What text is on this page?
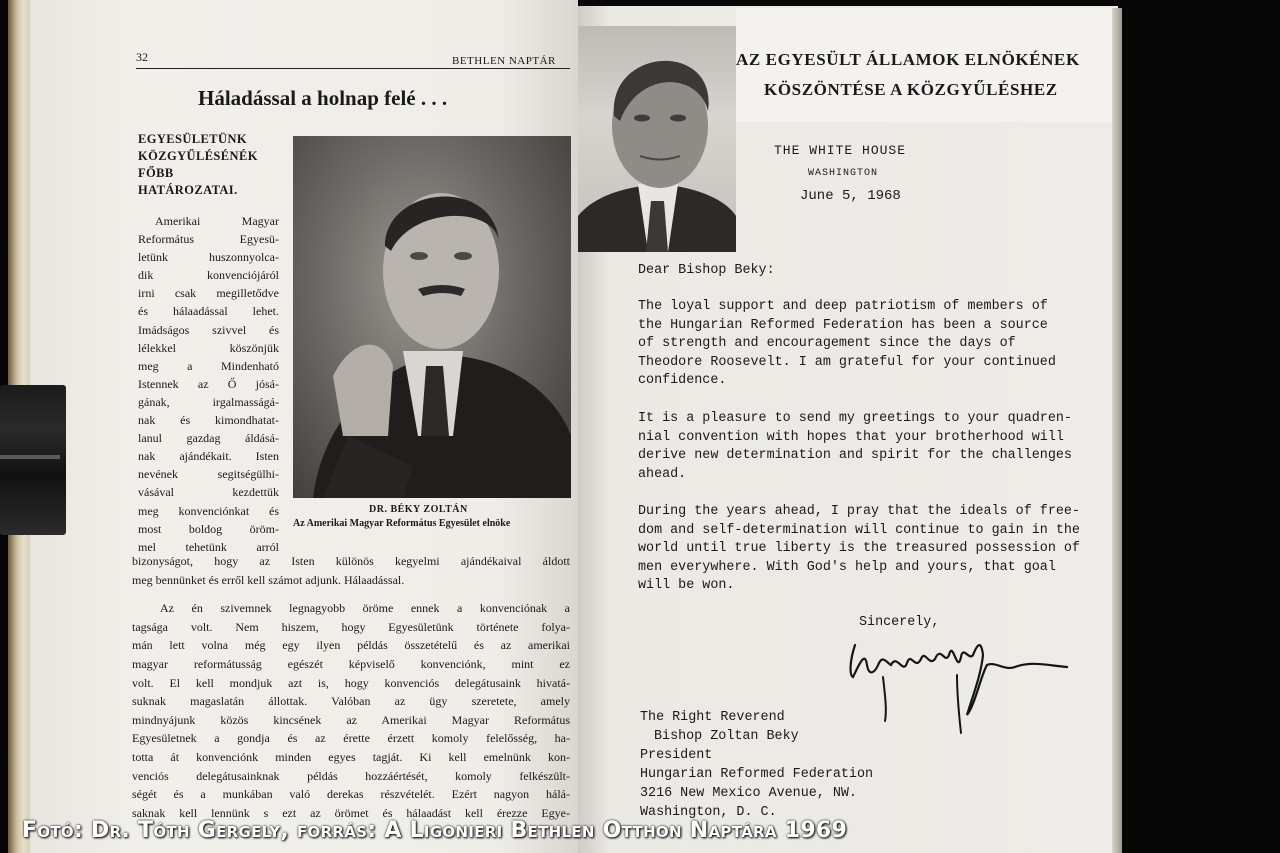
32	BETHLEN NAPTÁR
Háladással a holnap felé . . .
EGYESÜLETÜNK
KÖZGYŰLÉSÉNÉK
FŐBB
HATÁROZATAI.
Amerikai Magyar
Református Egyesü-
letünk huszonnyolca-
dik konvenciójáról
irni csak megilletődve
és hálaadással lehet.
Imádságos szivvel és
lélekkel köszönjük
meg a Mindenható
Istennek az Ő jósá-
gának, irgalmasságá-
nak és kimondhatat-
lanul gazdag áldásá-
nak ajándékait. Isten
nevének segitségülhi-
vásával kezdettük
meg konvenciónkat és
most boldog öröm-
mel tehetünk arról
bizonyságot, hogy az Isten különös kegyelmi ajándékaival áldott
meg bennünket és erről kell számot adjunk. Hálaadással.
Az én szivemnek legnagyobb öröme ennek a konvenciónak a
tagsága volt. Nem hiszem, hogy Egyesületünk története folya-
mán lett volna még egy ilyen példás összetételű és az amerikai
magyar reformátusság egészét képviselő konvenciónk, mint ez
volt. El kell mondjuk azt is, hogy konvenciós delegátusaink hivatá-
suknak magaslatán állottak. Valóban az ügy szeretete, amely
mindnyájunk közös kincsének az Amerikai Magyar Református
Egyesületnek a gondja és az érette érzett komoly felelősség, ha-
totta át konvenciónk minden egyes tagját. Ki kell emelnünk kon-
venciós delegátusainknak példás hozzáértését, komoly felkészült-
ségét és a munkában való derekas részvételét. Ezért nagyon hálá-
saknak kell lennünk s ezt az örömet és hálaadást kell érezze Egye-
DR. BÉKY ZOLTÁN
Az Amerikai Magyar Református Egyesület elnöke
AZ EGYESÜLT ÁLLAMOK ELNÖKÉNEK
KÖSZÖNTÉSE A KÖZGYŰLÉSHEZ
THE WHITE HOUSE
WASHINGTON
June 5, 1968
Dear Bishop Beky:
The loyal support and deep patriotism of members of
the Hungarian Reformed Federation has been a source
of strength and encouragement since the days of
Theodore Roosevelt. I am grateful for your continued
confidence.
It is a pleasure to send my greetings to your quadren-
nial convention with hopes that your brotherhood will
derive new determination and spirit for the challenges
ahead.
During the years ahead, I pray that the ideals of free-
dom and self-determination will continue to gain in the
world until true liberty is the treasured possession of
men everywhere. With God's help and yours, that goal
will be won.
Sincerely,
The Right Reverend
Bishop Zoltan Beky
President
Hungarian Reformed Federation
3216 New Mexico Avenue, NW.
Washington, D. C.
Fotó: Dr. Tóth Gergely, forrás: A Ligonieri Bethlen Otthon Naptára 1969
